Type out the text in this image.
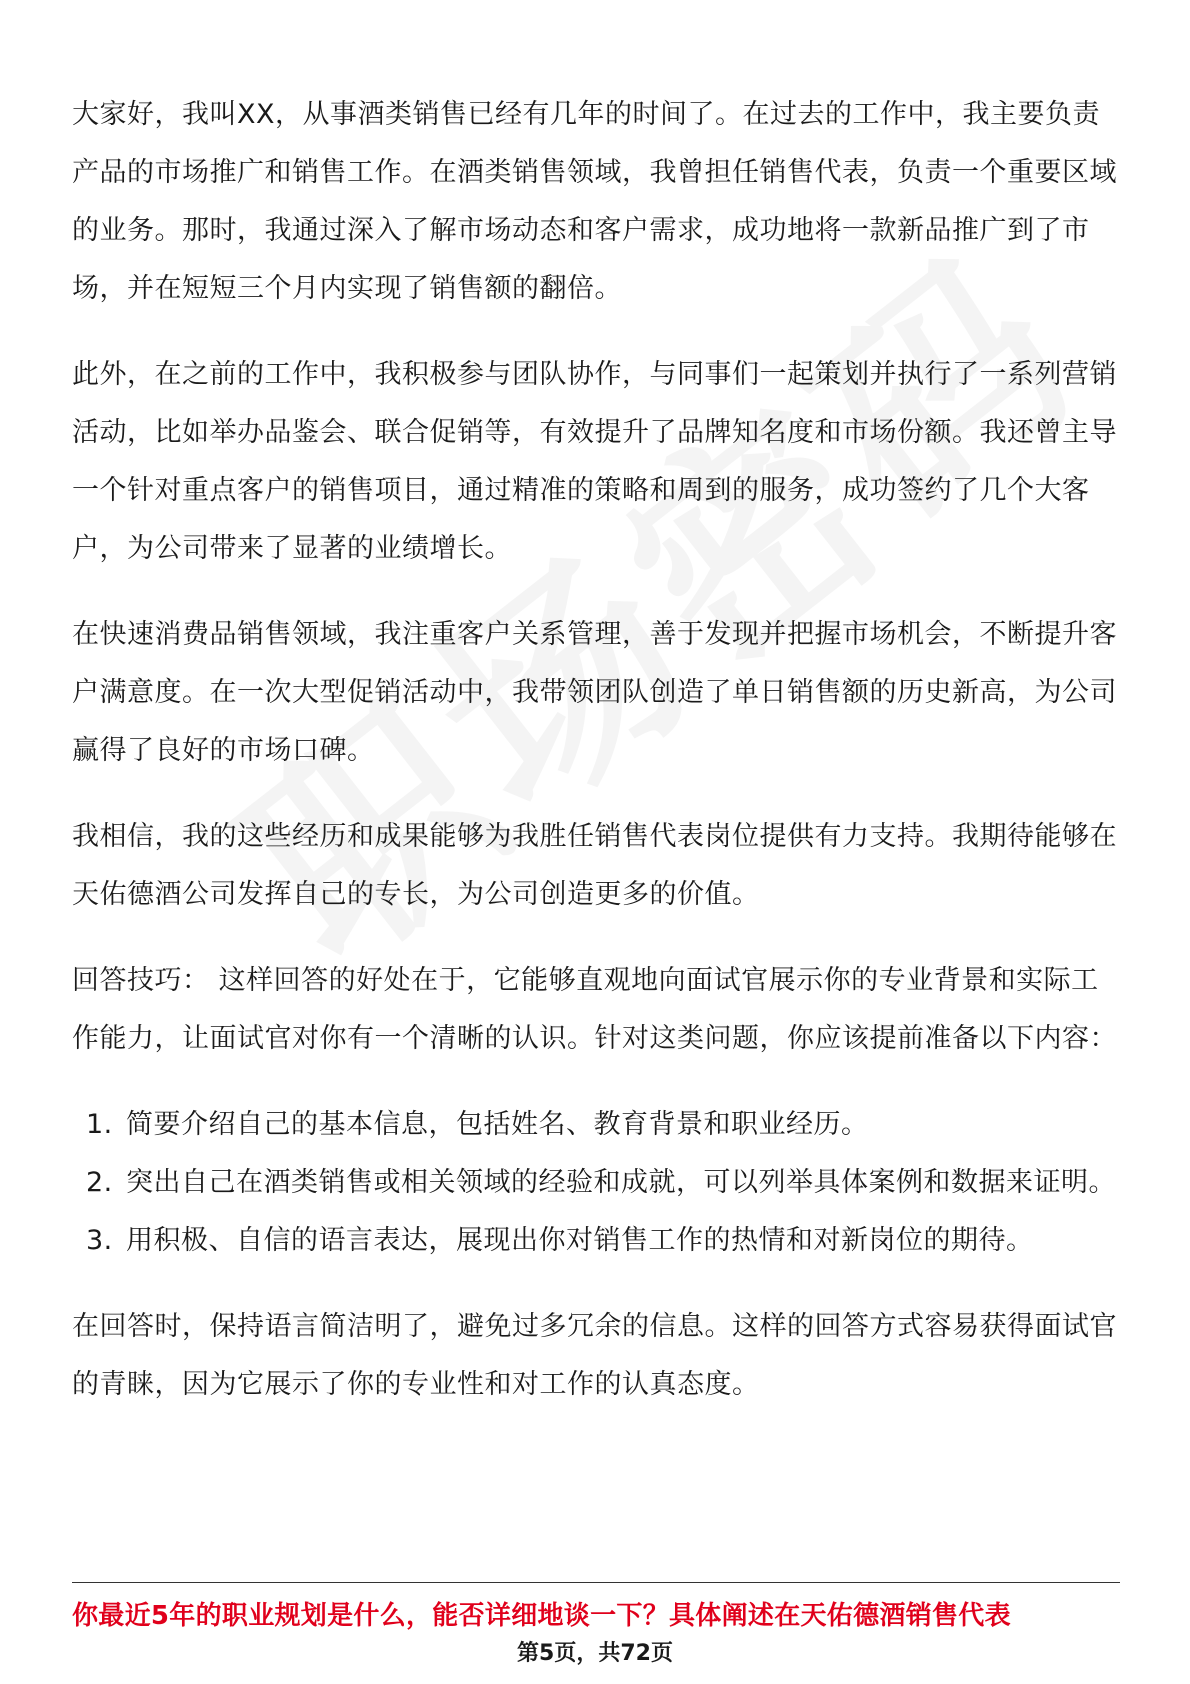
大家好，我叫XX，从事酒类销售已经有几年的时间了。在过去的工作中，我主要负责产品的市场推广和销售工作。在酒类销售领域，我曾担任销售代表，负责一个重要区域的业务。那时，我通过深入了解市场动态和客户需求，成功地将一款新品推广到了市场，并在短短三个月内实现了销售额的翻倍。

此外，在之前的工作中，我积极参与团队协作，与同事们一起策划并执行了一系列营销活动，比如举办品鉴会、联合促销等，有效提升了品牌知名度和市场份额。我还曾主导一个针对重点客户的销售项目，通过精准的策略和周到的服务，成功签约了几个大客户，为公司带来了显著的业绩增长。

在快速消费品销售领域，我注重客户关系管理，善于发现并把握市场机会，不断提升客户满意度。在一次大型促销活动中，我带领团队创造了单日销售额的历史新高，为公司赢得了良好的市场口碑。

我相信，我的这些经历和成果能够为我胜任销售代表岗位提供有力支持。我期待能够在天佑德酒公司发挥自己的专长，为公司创造更多的价值。

回答技巧： 这样回答的好处在于，它能够直观地向面试官展示你的专业背景和实际工作能力，让面试官对你有一个清晰的认识。针对这类问题，你应该提前准备以下内容：

1. 简要介绍自己的基本信息，包括姓名、教育背景和职业经历。
2. 突出自己在酒类销售或相关领域的经验和成就，可以列举具体案例和数据来证明。
3. 用积极、自信的语言表达，展现出你对销售工作的热情和对新岗位的期待。

在回答时，保持语言简洁明了，避免过多冗余的信息。这样的回答方式容易获得面试官的青睐，因为它展示了你的专业性和对工作的认真态度。

你最近5年的职业规划是什么，能否详细地谈一下？具体阐述在天佑德酒销售代表
第5页，共72页
